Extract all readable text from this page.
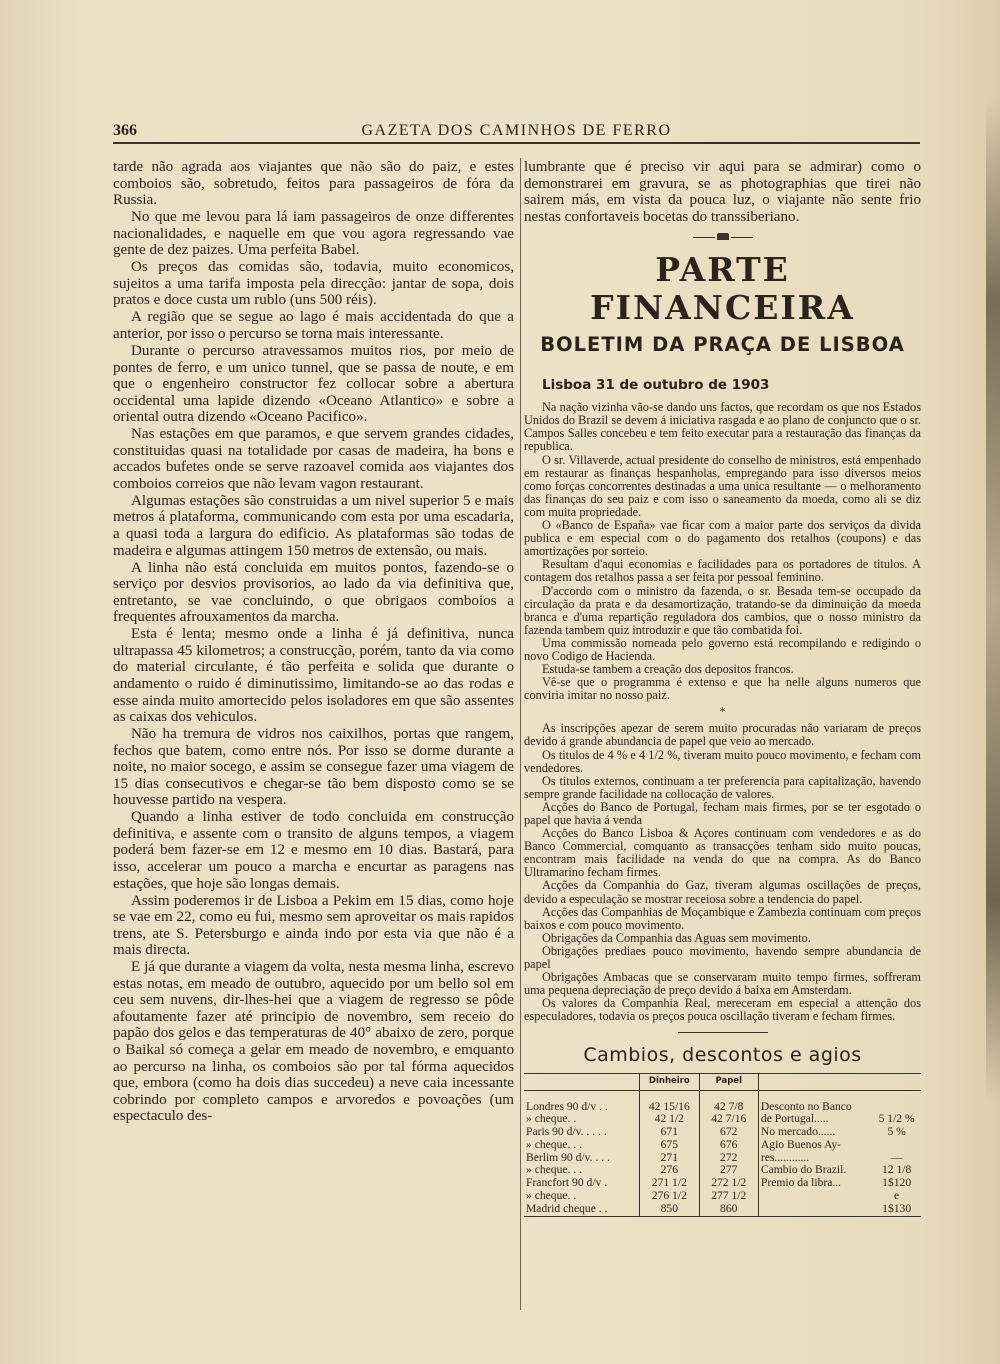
366	GAZETA DOS CAMINHOS DE FERRO

tarde não agrada aos viajantes que não são do paiz, e estes comboios são, sobretudo, feitos para passageiros de fóra da Russia.

No que me levou para lá iam passageiros de onze differentes nacionalidades, e naquelle em que vou agora regressando vae gente de dez paizes. Uma perfeita Babel.

Os preços das comidas são, todavia, muito economicos, sujeitos a uma tarifa imposta pela direcção: jantar de sopa, dois pratos e doce custa um rublo (uns 500 réis).

A região que se segue ao lago é mais accidentada do que a anterior, por isso o percurso se torna mais interessante.

Durante o percurso atravessamos muitos rios, por meio de pontes de ferro, e um unico tunnel, que se passa de noute, e em que o engenheiro constructor fez collocar sobre a abertura occidental uma lapide dizendo «Oceano Atlantico» e sobre a oriental outra dizendo «Oceano Pacifico».

Nas estações em que paramos, e que servem grandes cidades, constituidas quasi na totalidade por casas de madeira, ha bons e accados bufetes onde se serve razoavel comida aos viajantes dos comboios correios que não levam vagon restaurant.

Algumas estações são construidas a um nivel superior 5 e mais metros á plataforma, communicando com esta por uma escadaria, a quasi toda a largura do edificio. As plataformas são todas de madeira e algumas attingem 150 metros de extensão, ou mais.

A linha não está concluida em muitos pontos, fazendo-se o serviço por desvios provisorios, ao lado da via definitiva que, entretanto, se vae concluindo, o que obrigaos comboios a frequentes afrouxamentos da marcha.

Esta é lenta; mesmo onde a linha é já definitiva, nunca ultrapassa 45 kilometros; a construcção, porém, tanto da via como do material circulante, é tão perfeita e solida que durante o andamento o ruido é diminutissimo, limitando-se ao das rodas e esse ainda muito amortecido pelos isoladores em que são assentes as caixas dos vehiculos.

Não ha tremura de vidros nos caixilhos, portas que rangem, fechos que batem, como entre nós. Por isso se dorme durante a noite, no maior socego, e assim se consegue fazer uma viagem de 15 dias consecutivos e chegar-se tão bem disposto como se se houvesse partido na vespera.

Quando a linha estiver de todo concluida em construcção definitiva, e assente com o transito de alguns tempos, a viagem poderá bem fazer-se em 12 e mesmo em 10 dias. Bastará, para isso, accelerar um pouco a marcha e encurtar as paragens nas estações, que hoje são longas demais.

Assim poderemos ir de Lisboa a Pekim em 15 dias, como hoje se vae em 22, como eu fui, mesmo sem aproveitar os mais rapidos trens, ate S. Petersburgo e ainda indo por esta via que não é a mais directa.

E já que durante a viagem da volta, nesta mesma linha, escrevo estas notas, em meado de outubro, aquecido por um bello sol em ceu sem nuvens, dir-lhes-hei que a viagem de regresso se pôde afoutamente fazer até principio de novembro, sem receio do papão dos gelos e das temperaturas de 40° abaixo de zero, porque o Baikal só começa a gelar em meado de novembro, e emquanto ao percurso na linha, os comboios são por tal fórma aquecidos que, embora (como ha dois dias succedeu) a neve caia incessante cobrindo por completo campos e arvoredos e povoações (um espectaculo des-

lumbrante que é preciso vir aqui para se admirar) como o demonstrarei em gravura, se as photographias que tirei não sairem más, em vista da pouca luz, o viajante não sente frio nestas confortaveis bocetas do transsiberiano.

PARTE FINANCEIRA
BOLETIM DA PRAÇA DE LISBOA
Lisboa 31 de outubro de 1903

Na nação vizinha vão-se dando uns factos, que recordam os que nos Estados Unidos do Brazil se devem á iniciativa rasgada e ao plano de conjuncto que o sr. Campos Salles concebeu e tem feito executar para a restauração das finanças da republica.

O sr. Villaverde, actual presidente do conselho de ministros, está empenhado em restaurar as finanças hespanholas, empregando para isso diversos meios como forças concorrentes destinadas a uma unica resultante — o melhoramento das finanças do seu paiz e com isso o saneamento da moeda, como ali se diz com muita propriedade.

O «Banco de España» vae ficar com a maior parte dos serviços da divida publica e em especial com o do pagamento dos retalhos (coupons) e das amortizações por sorteio.

Resultam d'aqui economias e facilidades para os portadores de titulos. A contagem dos retalhos passa a ser feita por pessoal feminino.

D'accordo com o ministro da fazenda, o sr. Besada tem-se occupado da circulação da prata e da desamortização, tratando-se da diminuição da moeda branca e d'uma repartição reguladora dos cambios, que o nosso ministro da fazenda tambem quiz introduzir e que tão combatida foi.

Uma commissão nomeada pelo governo está recompilando e redigindo o novo Codigo de Hacienda.

Estuda-se tambem a creação dos depositos francos.

Vê-se que o programma é extenso e que ha nelle alguns numeros que conviria imitar no nosso paiz.

*

As inscripções apezar de serem muito procuradas não variaram de preços devido á grande abundancia de papel que veio ao mercado.

Os titulos de 4 % e 4 1/2 %, tiveram muito pouco movimento, e fecham com vendedores.

Os titulos externos, continuam a ter preferencia para capitalização, havendo sempre grande facilidade na collocação de valores.

Acções do Banco de Portugal, fecham mais firmes, por se ter esgotado o papel que havia á venda

Acções do Banco Lisboa & Açores continuam com vendedores e as do Banco Commercial, comquanto as transacções tenham sido muito poucas, encontram mais facilidade na venda do que na compra. As do Banco Ultramarino fecham firmes.

Acções da Companhia do Gaz, tiveram algumas oscillações de preços, devido a especulação se mostrar receiosa sobre a tendencia do papel.

Acções das Companhias de Moçambique e Zambezia continuam com preços baixos e com pouco movimento.

Obrigações da Companhia das Aguas sem movimento.

Obrigações prediaes pouco movimento, havendo sempre abundancia de papel

Obrigações Ambacas que se conservaram muito tempo firmes, soffreram uma pequena depreciação de preço devido á baixa em Amsterdam.

Os valores da Companhia Real, mereceram em especial a attenção dos especuladores, todavia os preços pouca oscillação tiveram e fecham firmes.

Cambios, descontos e agios
	Dinheiro	Papel		
Londres 90 d/v . .	42 15/16	42 7/8	Desconto no Banco	
» cheque. .	42 1/2	42 7/16	de Portugal.....	5 1/2 %
Paris 90 d/v. . . . .	671	672	No mercado......	5 %
» cheque. . .	675	676	Agio Buenos Ay-	
Berlim 90 d/v. . . .	271	272	res............	—
» cheque. . .	276	277	Cambio do Brazil.	12 1/8
Francfort 90 d/v .	271 1/2	272 1/2	Premio da libra...	1$120
» cheque. .	276 1/2	277 1/2		e
Madrid cheque . .	850	860		1$130
